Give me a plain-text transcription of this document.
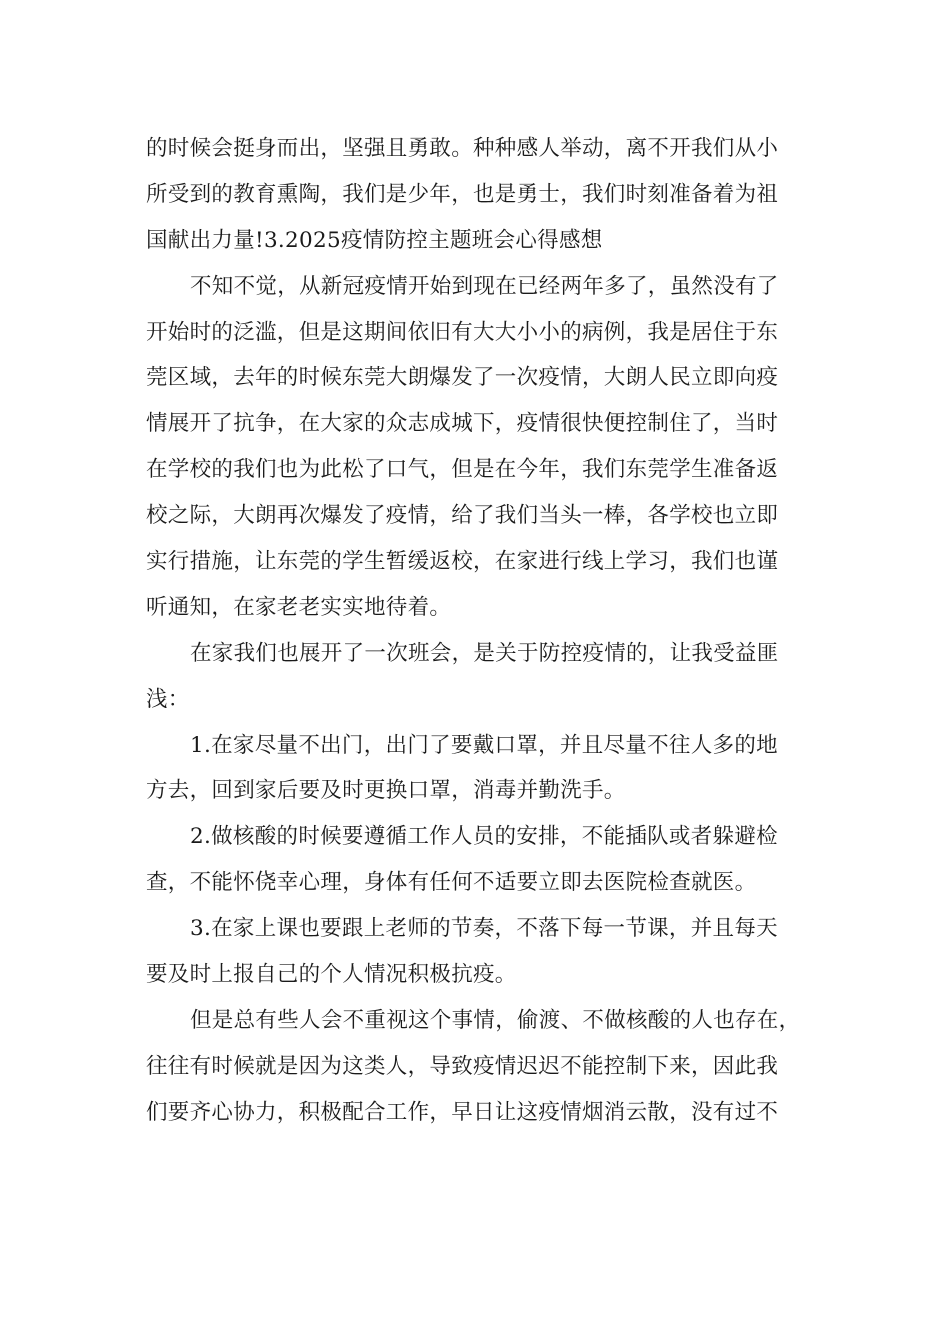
的时候会挺身而出，坚强且勇敢。种种感人举动，离不开我们从小
所受到的教育熏陶，我们是少年，也是勇士，我们时刻准备着为祖
国献出力量!3.2025疫情防控主题班会心得感想
不知不觉，从新冠疫情开始到现在已经两年多了，虽然没有了
开始时的泛滥，但是这期间依旧有大大小小的病例，我是居住于东
莞区域，去年的时候东莞大朗爆发了一次疫情，大朗人民立即向疫
情展开了抗争，在大家的众志成城下，疫情很快便控制住了，当时
在学校的我们也为此松了口气，但是在今年，我们东莞学生准备返
校之际，大朗再次爆发了疫情，给了我们当头一棒，各学校也立即
实行措施，让东莞的学生暂缓返校，在家进行线上学习，我们也谨
听通知，在家老老实实地待着。
在家我们也展开了一次班会，是关于防控疫情的，让我受益匪
浅：
1.在家尽量不出门，出门了要戴口罩，并且尽量不往人多的地
方去，回到家后要及时更换口罩，消毒并勤洗手。
2.做核酸的时候要遵循工作人员的安排，不能插队或者躲避检
查，不能怀侥幸心理，身体有任何不适要立即去医院检查就医。
3.在家上课也要跟上老师的节奏，不落下每一节课，并且每天
要及时上报自己的个人情况积极抗疫。
但是总有些人会不重视这个事情，偷渡、不做核酸的人也存在，
往往有时候就是因为这类人，导致疫情迟迟不能控制下来，因此我
们要齐心协力，积极配合工作，早日让这疫情烟消云散，没有过不
